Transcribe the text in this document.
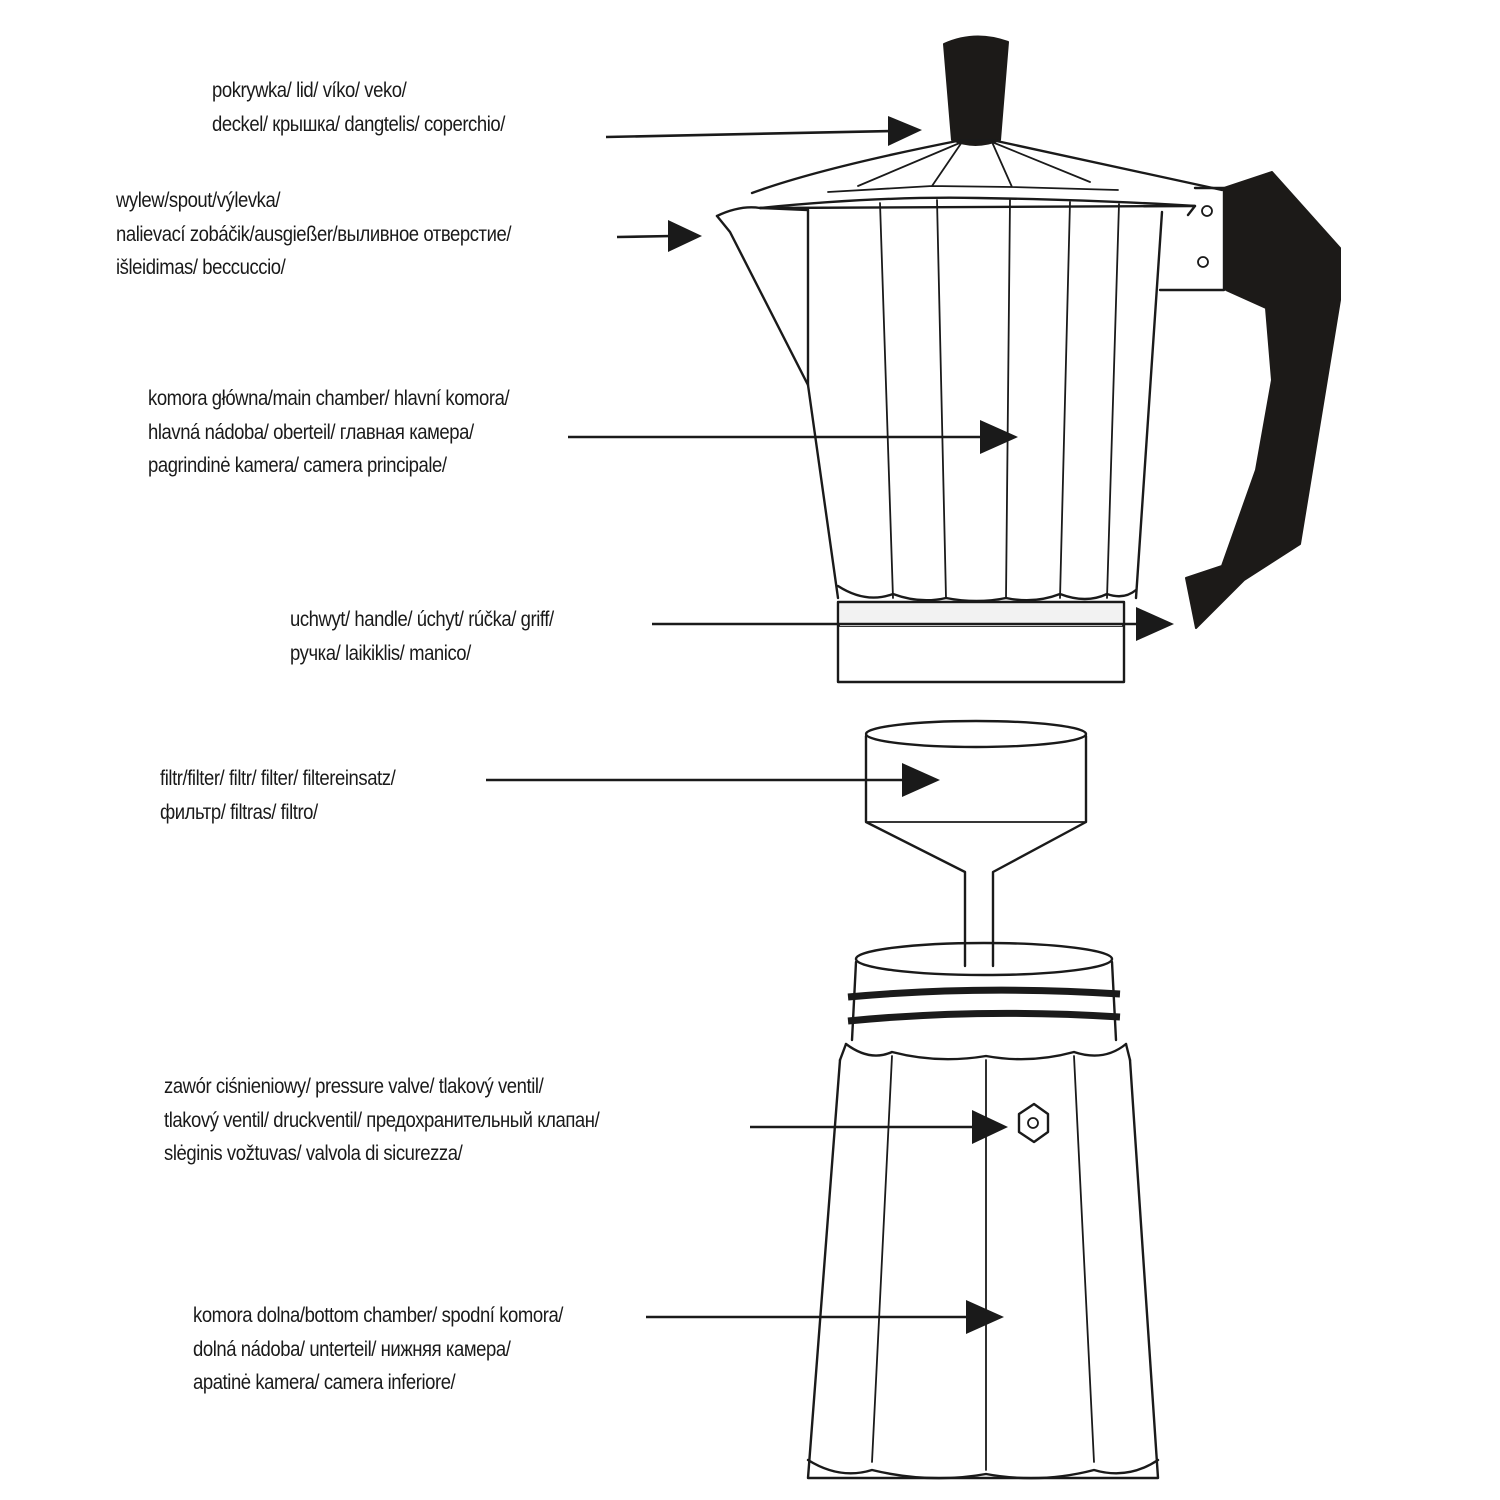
pokrywka/ lid/ víko/ veko/
deckel/ крышка/ dangtelis/ coperchio/
wylew/spout/výlevka/
nalievací zobáčik/ausgießer/выливное отверстие/
išleidimas/ beccuccio/
komora główna/main chamber/ hlavní komora/
hlavná nádoba/ oberteil/ главная камера/
pagrindinė kamera/ camera principale/
uchwyt/ handle/ úchyt/ rúčka/ griff/
ручка/ laikiklis/ manico/
filtr/filter/ filtr/ filter/ filtereinsatz/
фильтр/ filtras/ filtro/
zawór ciśnieniowy/ pressure valve/ tlakový ventil/
tlakový ventil/ druckventil/ предохранительный клапан/
slėginis vožtuvas/ valvola di sicurezza/
komora dolna/bottom chamber/ spodní komora/
dolná nádoba/ unterteil/ нижняя камера/
apatinė kamera/ camera inferiore/
